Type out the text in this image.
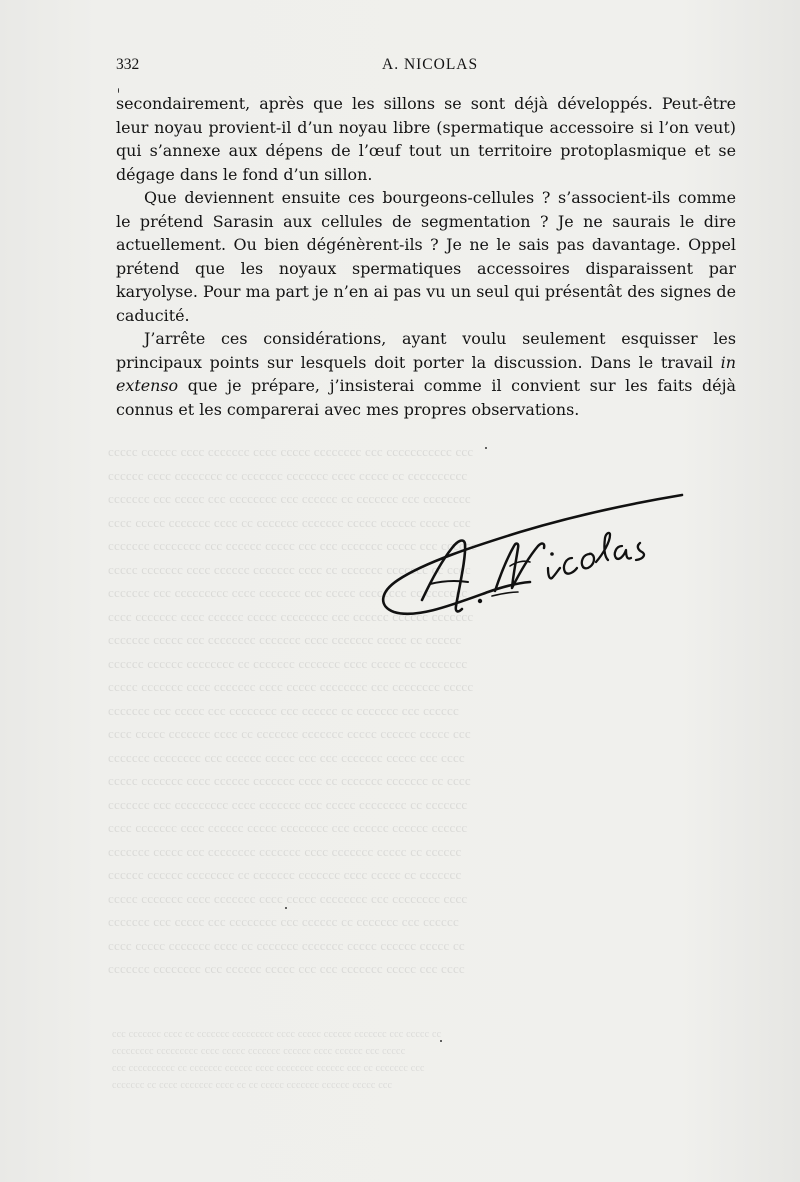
ccccc cccccc cccc ccccccc cccc ccccc cccccccc ccc ccccccccccc ccc
cccccc cccc cccccccc cc ccccccc ccccccc cccc ccccc cc cccccccccc
ccccccc ccc ccccc ccc cccccccc ccc cccccc cc ccccccc ccc cccccccc
cccc ccccc ccccccc cccc cc ccccccc ccccccc ccccc cccccc ccccc ccc
ccccccc cccccccc ccc cccccc ccccc ccc ccc ccccccc ccccc ccc cccccc
ccccc ccccccc cccc cccccc ccccccc cccc cc ccccccc ccccccc cc cccc
ccccccc ccc ccccccccc cccc ccccccc ccc ccccc cccccccc cc ccccccc
cccc ccccccc cccc cccccc ccccc cccccccc ccc cccccc cccccc ccccccc
ccccccc ccccc ccc cccccccc ccccccc cccc ccccccc ccccc cc cccccc
cccccc cccccc cccccccc cc ccccccc ccccccc cccc ccccc cc cccccccc
ccccc ccccccc cccc ccccccc cccc ccccc cccccccc ccc cccccccc ccccc
ccccccc ccc ccccc ccc cccccccc ccc cccccc cc ccccccc ccc cccccc
cccc ccccc ccccccc cccc cc ccccccc ccccccc ccccc cccccc ccccc ccc
ccccccc cccccccc ccc cccccc ccccc ccc ccc ccccccc ccccc ccc cccc
ccccc ccccccc cccc cccccc ccccccc cccc cc ccccccc ccccccc cc cccc
ccccccc ccc ccccccccc cccc ccccccc ccc ccccc cccccccc cc ccccccc
cccc ccccccc cccc cccccc ccccc cccccccc ccc cccccc cccccc cccccc
ccccccc ccccc ccc cccccccc ccccccc cccc ccccccc ccccc cc cccccc
cccccc cccccc cccccccc cc ccccccc ccccccc cccc ccccc cc ccccccc
ccccc ccccccc cccc ccccccc cccc ccccc cccccccc ccc cccccccc cccc
ccccccc ccc ccccc ccc cccccccc ccc cccccc cc ccccccc ccc cccccc
cccc ccccc ccccccc cccc cc ccccccc ccccccc ccccc cccccc ccccc cc
ccccccc cccccccc ccc cccccc ccccc ccc ccc ccccccc ccccc ccc cccc
ccc ccccccc cccc cc ccccccc ccccccccc cccc ccccc cccccc ccccccc ccc ccccc cc
ccccccccc ccccccccc cccc ccccc ccccccc cccccc cccc cccccc ccc ccccc
ccc cccccccccc cc ccccccc cccccc cccc cccccccc cccccc ccc cc ccccccc ccc
ccccccc cc cccc ccccccc cccc cc cc ccccc ccccccc cccccc ccccc ccc
332	A. NICOLAS

secondairement, après que les sillons se sont déjà développés. Peut-être leur noyau provient-il d’un noyau libre (spermatique accessoire si l’on veut) qui s’annexe aux dépens de l’œuf tout un territoire protoplasmique et se dégage dans le fond d’un sillon.

Que deviennent ensuite ces bourgeons-cellules ? s’associent-ils comme le prétend Sarasin aux cellules de segmentation ? Je ne saurais le dire actuellement. Ou bien dégénèrent-ils ? Je ne le sais pas davantage. Oppel prétend que les noyaux spermatiques accessoires disparaissent par karyolyse. Pour ma part je n’en ai pas vu un seul qui présentât des signes de caducité.

J’arrête ces considérations, ayant voulu seulement esquisser les principaux points sur lesquels doit porter la discussion. Dans le travail in extenso que je prépare, j’insisterai comme il convient sur les faits déjà connus et les comparerai avec mes propres observations.
